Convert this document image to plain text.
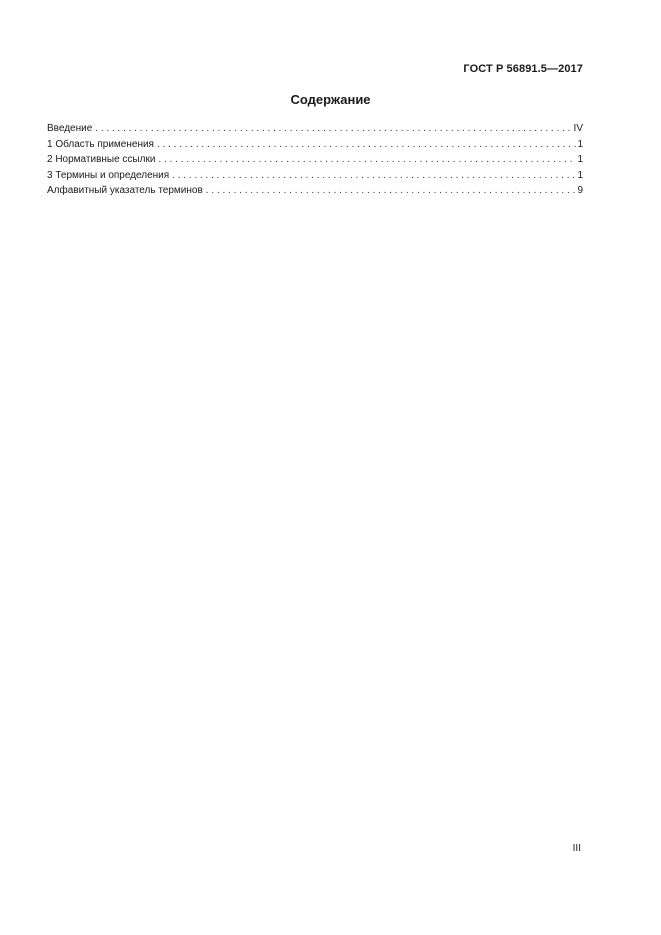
ГОСТ Р 56891.5—2017
Содержание
Введение . . .	IV
1 Область применения . . .	1
2 Нормативные ссылки . . .	1
3 Термины и определения . . .	1
Алфавитный указатель терминов . . .	9
III
